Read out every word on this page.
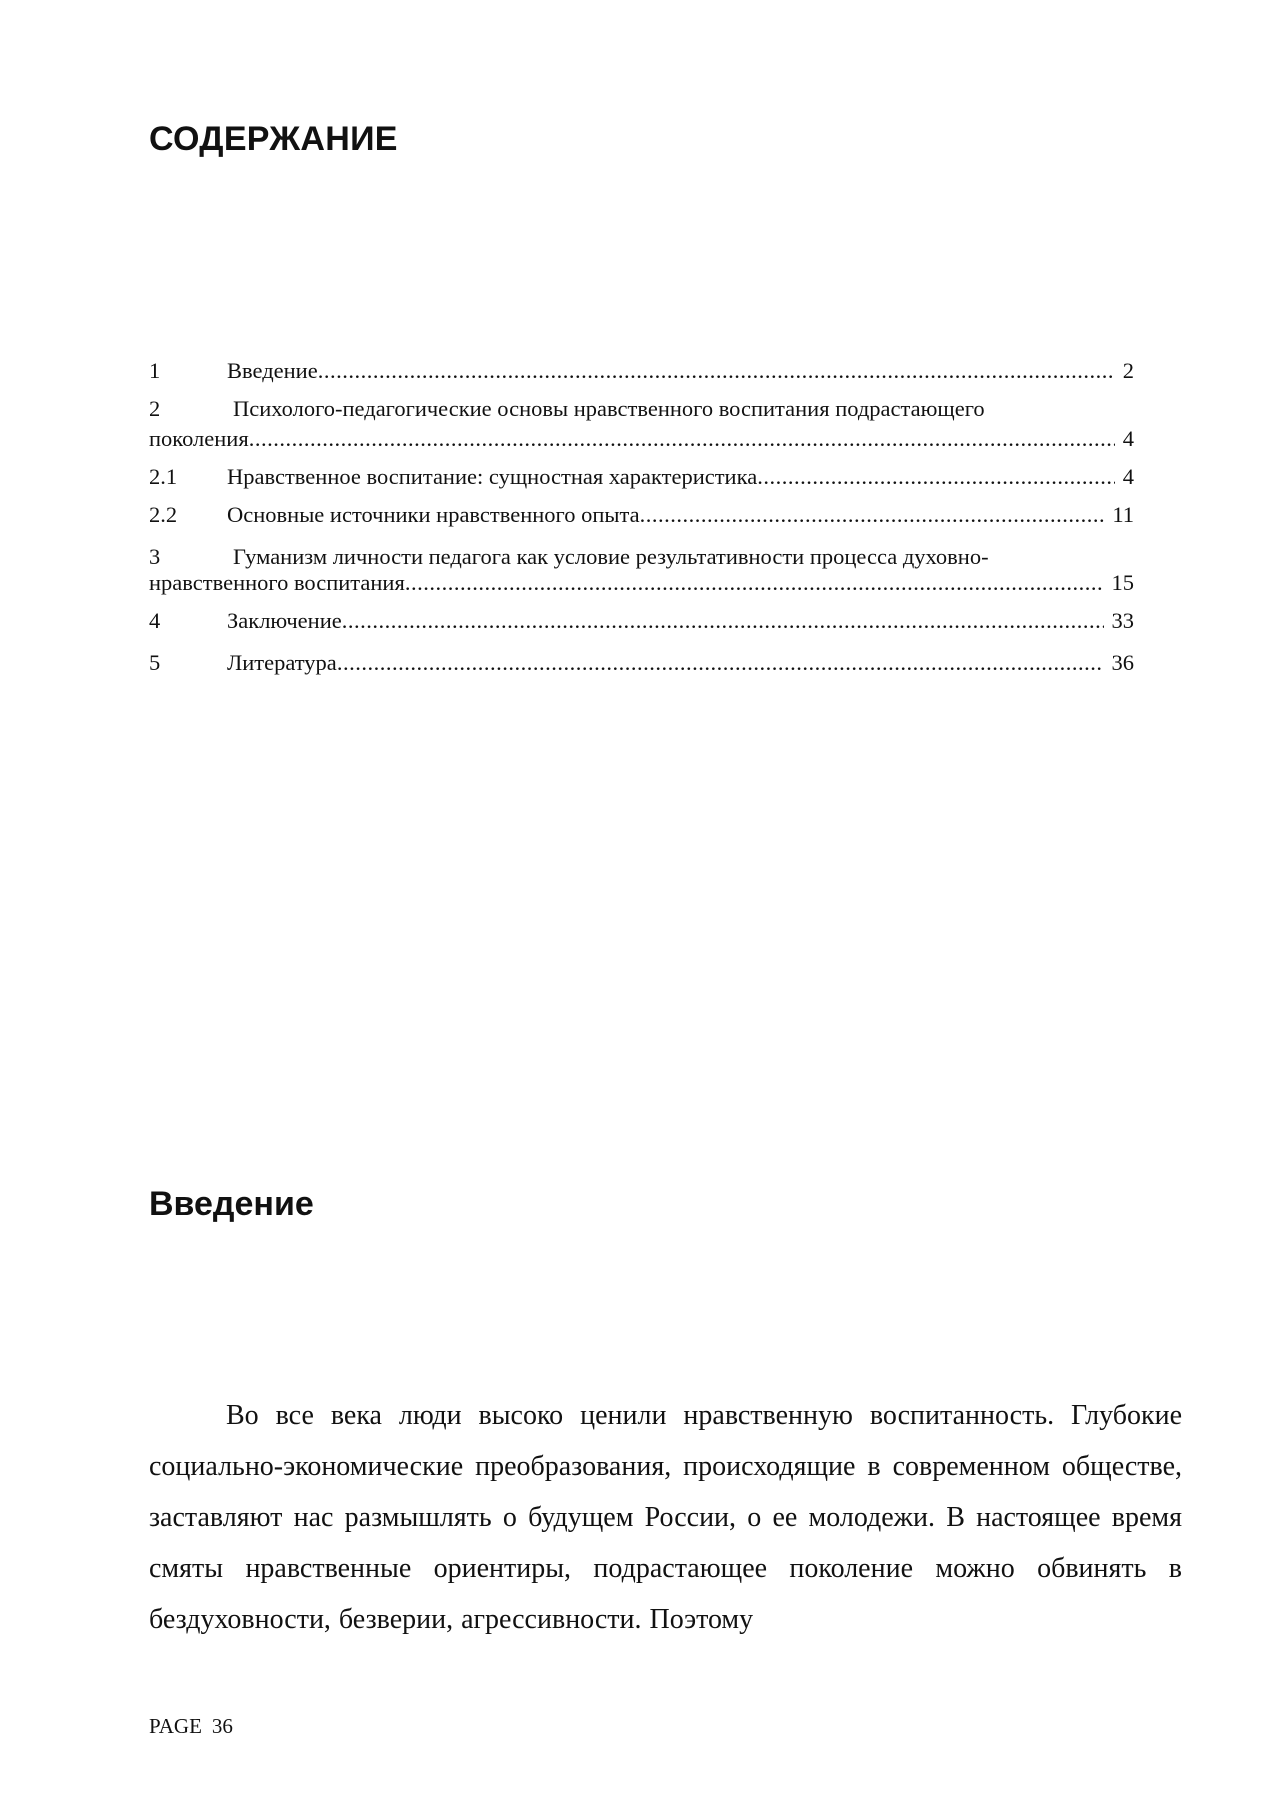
СОДЕРЖАНИЕ
1	Введение .....	2
2	Психолого-педагогические основы нравственного воспитания подрастающего
поколения .....	4
2.1	Нравственное воспитание: сущностная характеристика .....	4
2.2	Основные источники нравственного опыта .....	11
3	Гуманизм личности педагога как условие результативности процесса духовно-
нравственного воспитания .....	15
4	Заключение .....	33
5	Литература .....	36
Введение

Во все века люди высоко ценили нравственную воспитанность. Глубокие социально-экономические преобразования, происходящие в современном обществе, заставляют нас размышлять о будущем России, о ее молодежи. В настоящее время смяты нравственные ориентиры, подрастающее поколение можно обвинять в бездуховности, безверии, агрессивности. Поэтому

PAGE 36
